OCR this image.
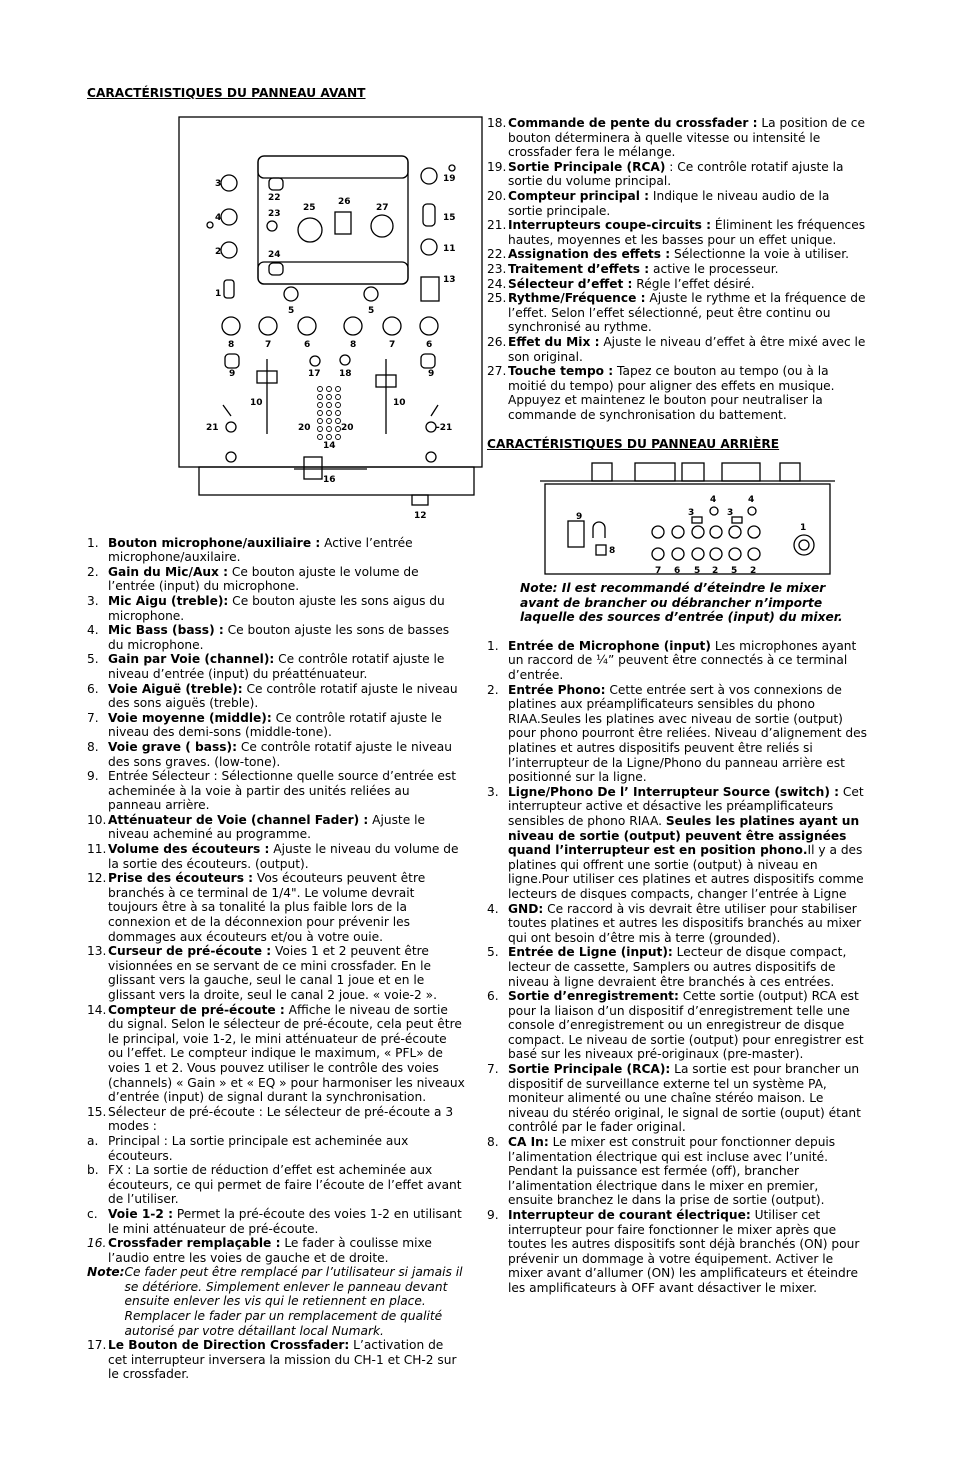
CARACTÉRISTIQUES DU PANNEAU AVANT
3
4
2
1
19
15
11
13
22
23
24
25
26
27
5	5
8	7	6	8	7	6
9	9
17 18
10	10
21	-21
20	20
14
16
12
1. Bouton microphone/auxiliaire : Active l’entrée microphone/auxilaire.
2. Gain du Mic/Aux : Ce bouton ajuste le volume de l’entrée (input) du microphone.
3. Mic Aigu (treble): Ce bouton ajuste les sons aigus du microphone.
4. Mic Bass (bass) : Ce bouton ajuste les sons de basses du microphone.
5. Gain par Voie (channel): Ce contrôle rotatif ajuste le niveau d’entrée (input) du préatténuateur.
6. Voie Aiguë (treble): Ce contrôle rotatif ajuste le niveau des sons aiguës (treble).
7. Voie moyenne (middle): Ce contrôle rotatif ajuste le niveau des demi-sons (middle-tone).
8. Voie grave ( bass): Ce contrôle rotatif ajuste le niveau des sons graves. (low-tone).
9. Entrée Sélecteur : Sélectionne quelle source d’entrée est acheminée à la voie à partir des unités reliées au panneau arrière.
10. Atténuateur de Voie (channel Fader) : Ajuste le niveau acheminé au programme.
11. Volume des écouteurs : Ajuste le niveau du volume de la sortie des écouteurs. (output).
12. Prise des écouteurs : Vos écouteurs peuvent être branchés à ce terminal de 1/4". Le volume devrait toujours être à sa tonalité la plus faible lors de la connexion et de la déconnexion pour prévenir les dommages aux écouteurs et/ou à votre ouie.
13. Curseur de pré-écoute : Voies 1 et 2 peuvent être visionnées en se servant de ce mini crossfader. En le glissant vers la gauche, seul le canal 1 joue et en le glissant vers la droite, seul le canal 2 joue. « voie-2 ».
14. Compteur de pré-écoute : Affiche le niveau de sortie du signal. Selon le sélecteur de pré-écoute, cela peut être le principal, voie 1-2, le mini atténuateur de pré-écoute ou l’effet. Le compteur indique le maximum, « PFL» de voies 1 et 2. Vous pouvez utiliser le contrôle des voies (channels) « Gain » et « EQ » pour harmoniser les niveaux d’entrée (input) de signal durant la synchronisation.
15. Sélecteur de pré-écoute : Le sélecteur de pré-écoute a 3 modes :
a. Principal : La sortie principale est acheminée aux écouteurs.
b. FX : La sortie de réduction d’effet est acheminée aux écouteurs, ce qui permet de faire l’écoute de l’effet avant de l’utiliser.
c. Voie 1-2 : Permet la pré-écoute des voies 1-2 en utilisant le mini atténuateur de pré-écoute.
16. Crossfader remplaçable : Le fader à coulisse mixe l’audio entre les voies de gauche et de droite.
Note: Ce fader peut être remplacé par l’utilisateur si jamais il se détériore. Simplement enlever le panneau devant ensuite enlever les vis qui le retiennent en place. Remplacer le fader par un remplacement de qualité autorisé par votre détaillant local Numark.
17. Le Bouton de Direction Crossfader: L’activation de cet interrupteur inversera la mission du CH-1 et CH-2 sur le crossfader.
18. Commande de pente du crossfader : La position de ce bouton déterminera à quelle vitesse ou intensité le crossfader fera le mélange.
19. Sortie Principale (RCA) : Ce contrôle rotatif ajuste la sortie du volume principal.
20. Compteur principal : Indique le niveau audio de la sortie principale.
21. Interrupteurs coupe-circuits : Éliminent les fréquences hautes, moyennes et les basses pour un effet unique.
22. Assignation des effets : Sélectionne la voie à utiliser.
23. Traitement d’effets : active le processeur.
24. Sélecteur d’effet : Régle l’effet désiré.
25. Rythme/Fréquence : Ajuste le rythme et la fréquence de l’effet. Selon l’effet sélectionné, peut être continu ou synchronisé au rythme.
26. Effet du Mix : Ajuste le niveau d’effet à être mixé avec le son original.
27. Touche tempo : Tapez ce bouton au tempo (ou à la moitié du tempo) pour aligner des effets en musique. Appuyez et maintenez le bouton pour neutraliser la commande de synchronisation du battement.
CARACTÉRISTIQUES DU PANNEAU ARRIÈRE
9
8
7 6 5 2 5 2
3	3
4	4
1
Note: Il est recommandé d’éteindre le mixer avant de brancher ou débrancher n’importe laquelle des sources d’entrée (input) du mixer.
1. Entrée de Microphone (input) Les microphones ayant un raccord de ¼” peuvent être connectés à ce terminal d’entrée.
2. Entrée Phono: Cette entrée sert à vos connexions de platines aux préamplificateurs sensibles du phono RIAA.Seules les platines avec niveau de sortie (output) pour phono pourront être reliées. Niveau d’alignement des platines et autres dispositifs peuvent être reliés si l’interrupteur de la Ligne/Phono du panneau arrière est positionné sur la ligne.
3. Ligne/Phono De l’ Interrupteur Source (switch) : Cet interrupteur active et désactive les préamplificateurs sensibles de phono RIAA. Seules les platines ayant un niveau de sortie (output) peuvent être assignées quand l’interrupteur est en position phono.Il y a des platines qui offrent une sortie (output) à niveau en ligne.Pour utiliser ces platines et autres dispositifs comme lecteurs de disques compacts, changer l’entrée à Ligne
4. GND: Ce raccord à vis devrait être utiliser pour stabiliser toutes platines et autres les dispositifs branchés au mixer qui ont besoin d’être mis à terre (grounded).
5. Entrée de Ligne (input): Lecteur de disque compact, lecteur de cassette, Samplers ou autres dispositifs de niveau à ligne devraient être branchés à ces entrées.
6. Sortie d’enregistrement: Cette sortie (output) RCA est pour la liaison d’un dispositif d’enregistrement telle une console d’enregistrement ou un enregistreur de disque compact. Le niveau de sortie (output) pour enregistrer est basé sur les niveaux pré-originaux (pre-master).
7. Sortie Principale (RCA): La sortie est pour brancher un dispositif de surveillance externe tel un système PA, moniteur alimenté ou une chaîne stéréo maison. Le niveau du stéréo original, le signal de sortie (ouput) étant contrôlé par le fader original.
8. CA In: Le mixer est construit pour fonctionner depuis l’alimentation électrique qui est incluse avec l’unité. Pendant la puissance est fermée (off), brancher l’alimentation électrique dans le mixer en premier, ensuite branchez le dans la prise de sortie (output).
9. Interrupteur de courant électrique: Utiliser cet interrupteur pour faire fonctionner le mixer après que toutes les autres dispositifs sont déjà branchés (ON) pour prévenir un dommage à votre équipement. Activer le mixer avant d’allumer (ON) les amplificateurs et éteindre les amplificateurs à OFF avant désactiver le mixer.
